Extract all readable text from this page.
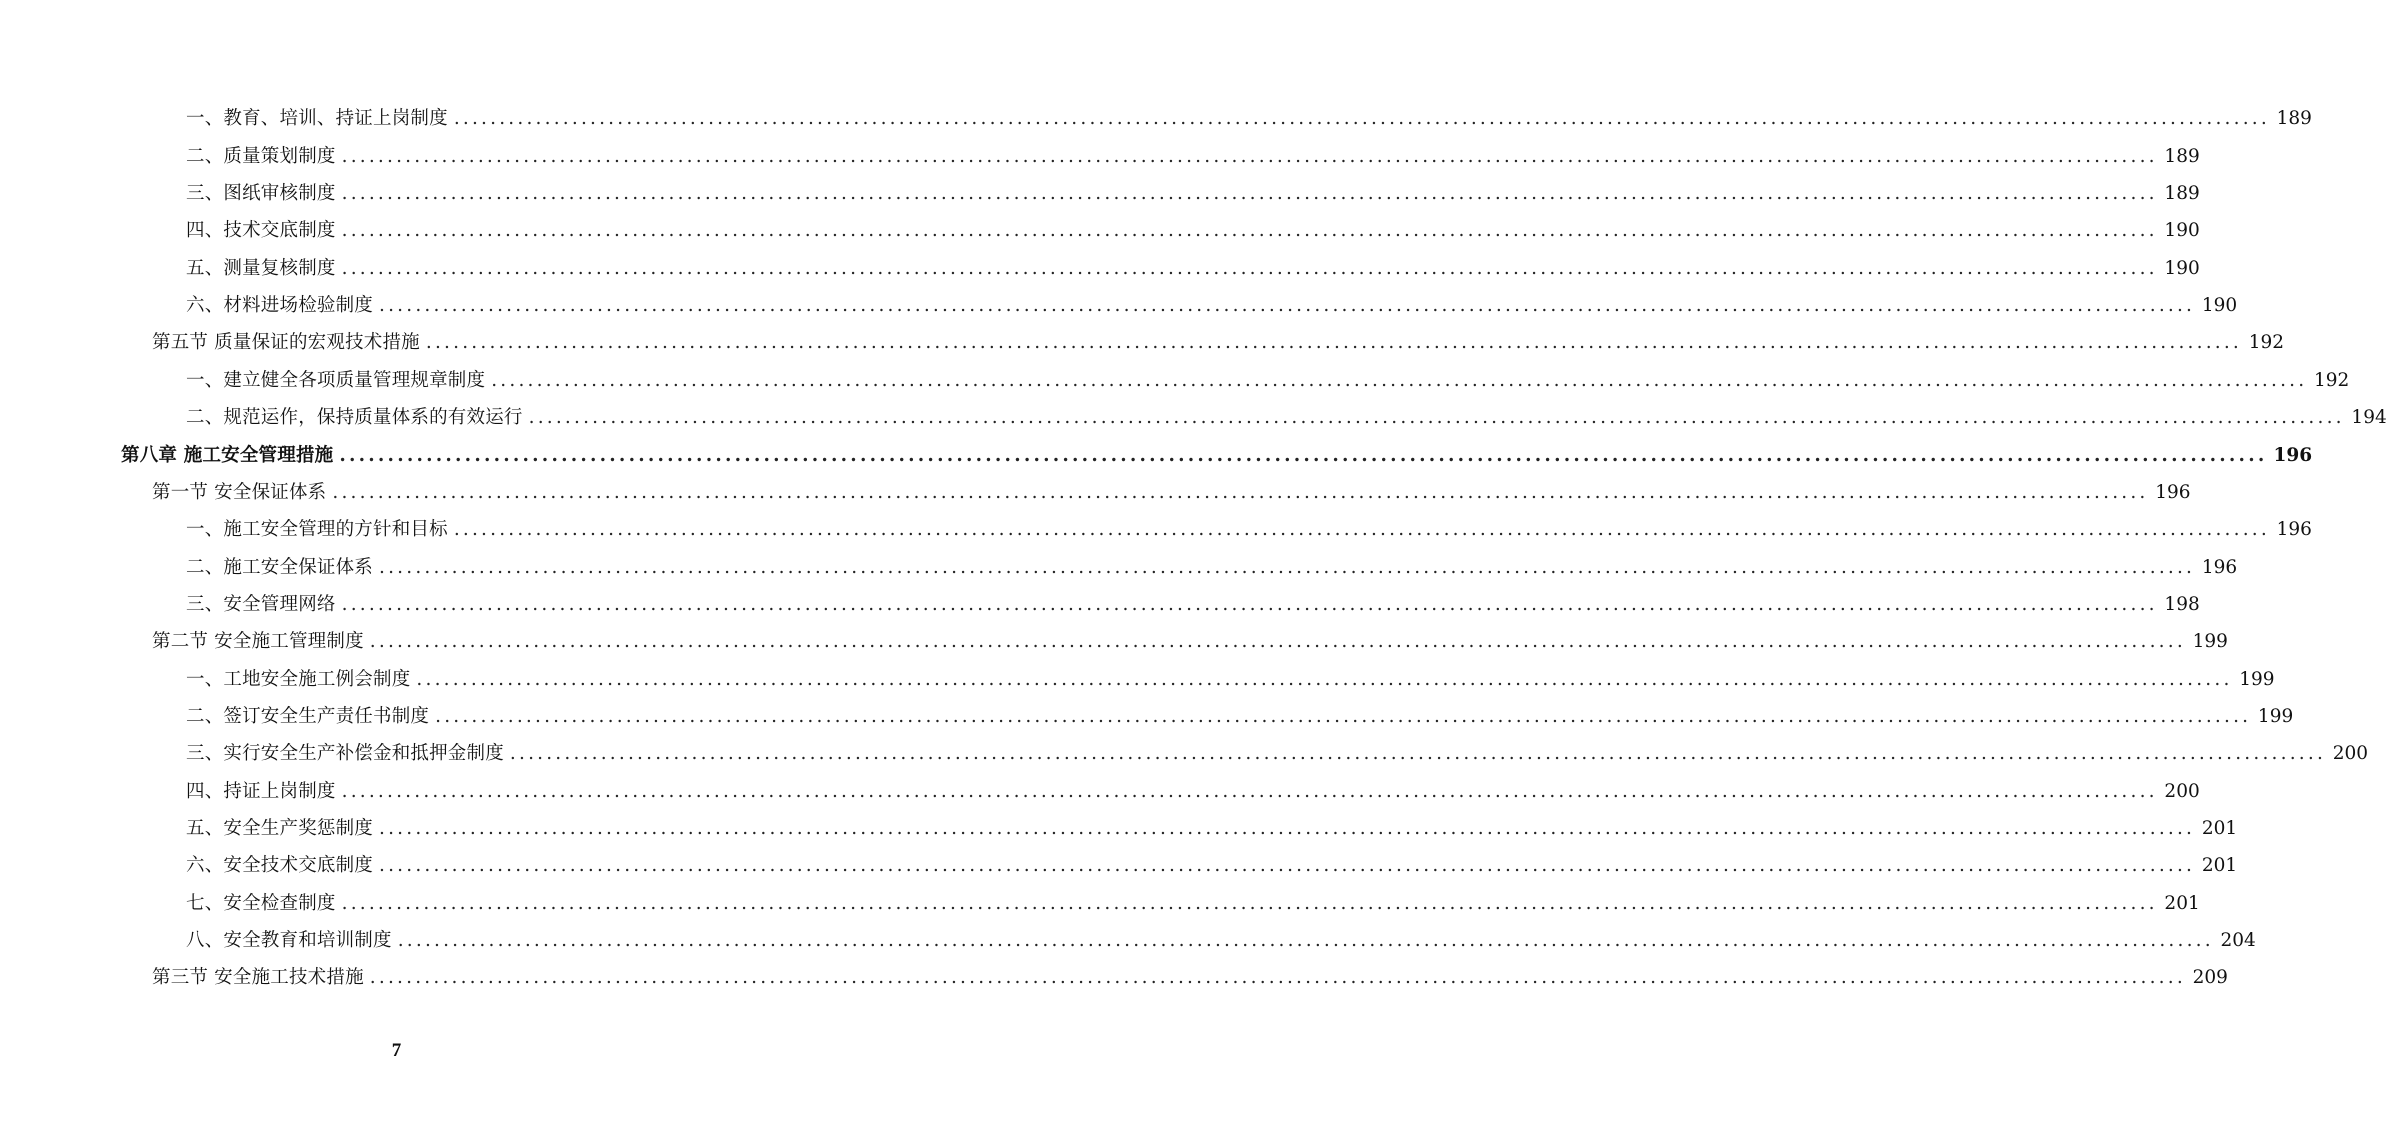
一、教育、培训、持证上岗制度 ........................................................................................................................................................................................................ 189
二、质量策划制度 ........................................................................................................................................................................................................ 189
三、图纸审核制度 ........................................................................................................................................................................................................ 189
四、技术交底制度 ........................................................................................................................................................................................................ 190
五、测量复核制度 ........................................................................................................................................................................................................ 190
六、材料进场检验制度 ........................................................................................................................................................................................................ 190
第五节 质量保证的宏观技术措施 ........................................................................................................................................................................................................ 192
一、建立健全各项质量管理规章制度 ........................................................................................................................................................................................................ 192
二、规范运作，保持质量体系的有效运行 ........................................................................................................................................................................................................ 194
第八章 施工安全管理措施 ........................................................................................................................................................................................................ 196
第一节 安全保证体系 ........................................................................................................................................................................................................ 196
一、施工安全管理的方针和目标 ........................................................................................................................................................................................................ 196
二、施工安全保证体系 ........................................................................................................................................................................................................ 196
三、安全管理网络 ........................................................................................................................................................................................................ 198
第二节 安全施工管理制度 ........................................................................................................................................................................................................ 199
一、工地安全施工例会制度 ........................................................................................................................................................................................................ 199
二、签订安全生产责任书制度 ........................................................................................................................................................................................................ 199
三、实行安全生产补偿金和抵押金制度 ........................................................................................................................................................................................................ 200
四、持证上岗制度 ........................................................................................................................................................................................................ 200
五、安全生产奖惩制度 ........................................................................................................................................................................................................ 201
六、安全技术交底制度 ........................................................................................................................................................................................................ 201
七、安全检查制度 ........................................................................................................................................................................................................ 201
八、安全教育和培训制度 ........................................................................................................................................................................................................ 204
第三节 安全施工技术措施 ........................................................................................................................................................................................................ 209
7
